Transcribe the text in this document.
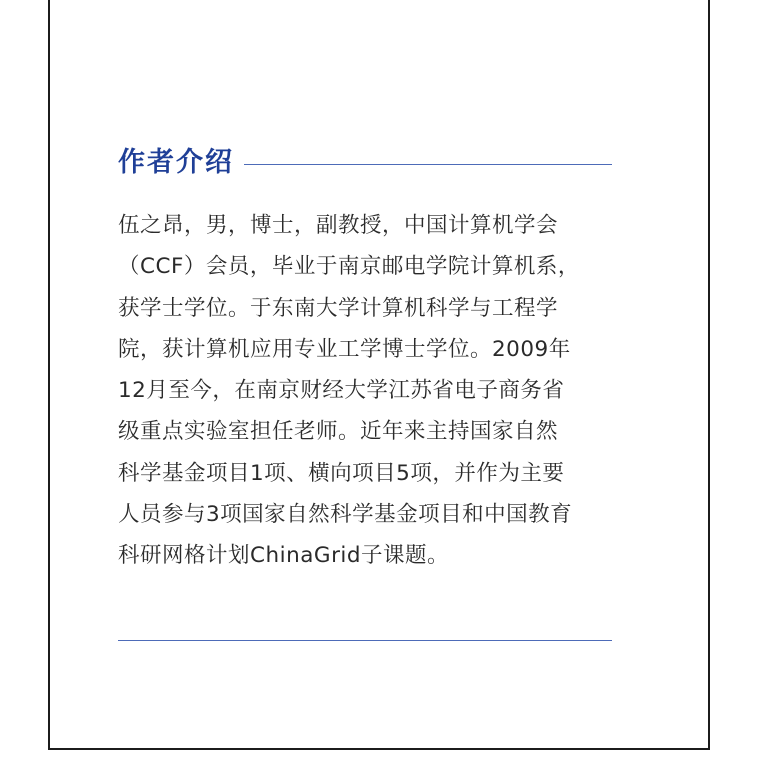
作者介绍
伍之昂，男，博士，副教授，中国计算机学会
（CCF）会员，毕业于南京邮电学院计算机系，
获学士学位。于东南大学计算机科学与工程学
院，获计算机应用专业工学博士学位。2009年
12月至今，在南京财经大学江苏省电子商务省
级重点实验室担任老师。近年来主持国家自然
科学基金项目1项、横向项目5项，并作为主要
人员参与3项国家自然科学基金项目和中国教育
科研网格计划ChinaGrid子课题。
